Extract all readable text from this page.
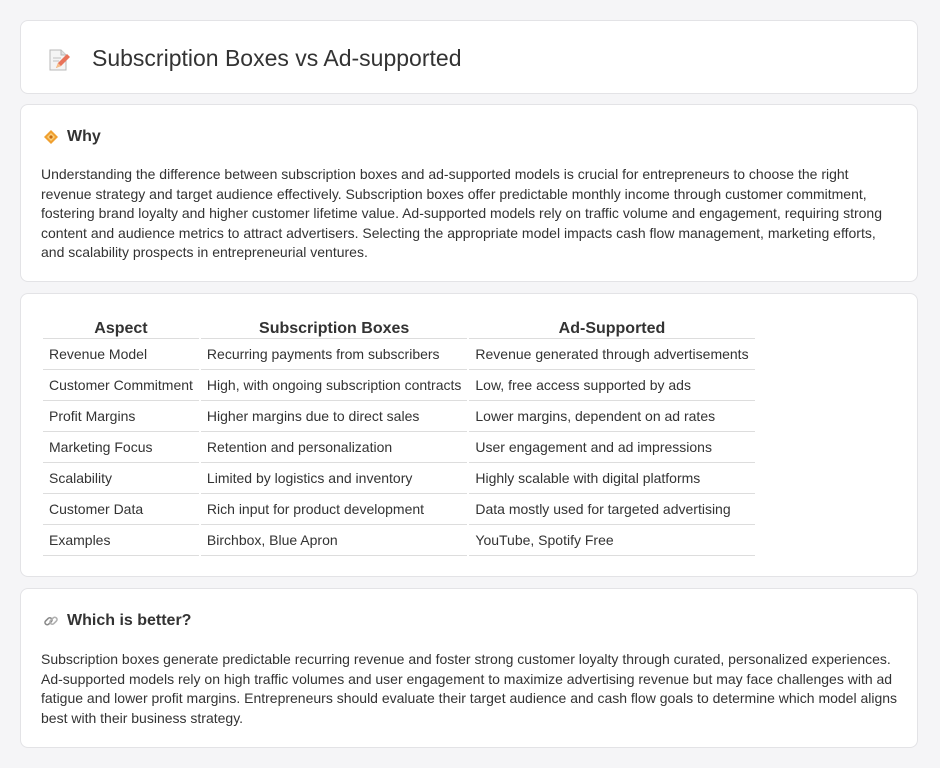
Subscription Boxes vs Ad-supported
Why

Understanding the difference between subscription boxes and ad-supported models is crucial for entrepreneurs to choose the right revenue strategy and target audience effectively. Subscription boxes offer predictable monthly income through customer commitment, fostering brand loyalty and higher customer lifetime value. Ad-supported models rely on traffic volume and engagement, requiring strong content and audience metrics to attract advertisers. Selecting the appropriate model impacts cash flow management, marketing efforts, and scalability prospects in entrepreneurial ventures.

Aspect	Subscription Boxes	Ad-Supported
Revenue Model	Recurring payments from subscribers	Revenue generated through advertisements
Customer Commitment	High, with ongoing subscription contracts	Low, free access supported by ads
Profit Margins	Higher margins due to direct sales	Lower margins, dependent on ad rates
Marketing Focus	Retention and personalization	User engagement and ad impressions
Scalability	Limited by logistics and inventory	Highly scalable with digital platforms
Customer Data	Rich input for product development	Data mostly used for targeted advertising
Examples	Birchbox, Blue Apron	YouTube, Spotify Free
Which is better?

Subscription boxes generate predictable recurring revenue and foster strong customer loyalty through curated, personalized experiences. Ad-supported models rely on high traffic volumes and user engagement to maximize advertising revenue but may face challenges with ad fatigue and lower profit margins. Entrepreneurs should evaluate their target audience and cash flow goals to determine which model aligns best with their business strategy.
